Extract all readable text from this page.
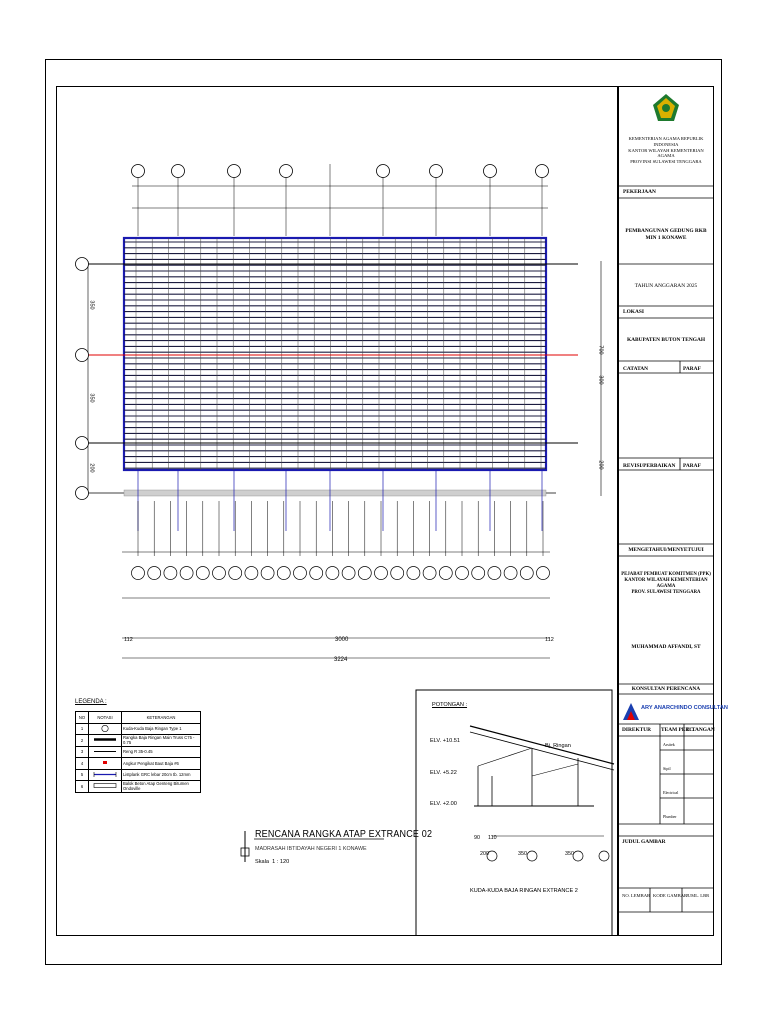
POTONGAN :
ELV. +10.51
ELV. +5.22
ELV. +2.00
Bj. Ringan
KUDA-KUDA BAJA RINGAN EXTRANCE 2
200	350	350
90 110
3000
3224
112	112
700
300
200
350
350
200
LEGENDA :
NO	NOTASI	KETERANGAN
1		Kuda-Kuda Baja Ringan Type 1
2		Rangka Baja Ringan Main Truss C75 - 0.75
3		Reng R 35-0.45
4		Angkur Pengikat Baut Baja #6
5		Listplank GRC lebar 20cm tb. 12mm
6		Balok Beton Atap Genteng Bitumen Ondoville
RENCANA RANGKA ATAP EXTRANCE 02
MADRASAH IBTIDAYAH NEGERI 1 KONAWE
Skala 1 : 120
KEMENTERIAN AGAMA REPUBLIK INDONESIA
KANTOR WILAYAH KEMENTERIAN AGAMA
PROVINSI SULAWESI TENGGARA
PEKERJAAN
PEMBANGUNAN GEDUNG RKB
MIN 1 KONAWE
TAHUN ANGGARAN 2025
LOKASI
KABUPATEN BUTON TENGAH
CATATAN	PARAF
REVISI/PERBAIKAN PARAF
MENGETAHUI/MENYETUJUI
PEJABAT PEMBUAT KOMITMEN (PPK)
KANTOR WILAYAH KEMENTERIAN AGAMA
PROV. SULAWESI TENGGARA
MUHAMMAD AFFANDI, ST
KONSULTAN PERENCANA
ARY ANARCHINDO CONSULTAN
DIREKTUR TEAM PERC.
T. TANGAN
Arsitek
Sipil
Electrical
Plumber
JUDUL GAMBAR
NO. LEMBAR KODE GAMBAR
JUML. LBR
